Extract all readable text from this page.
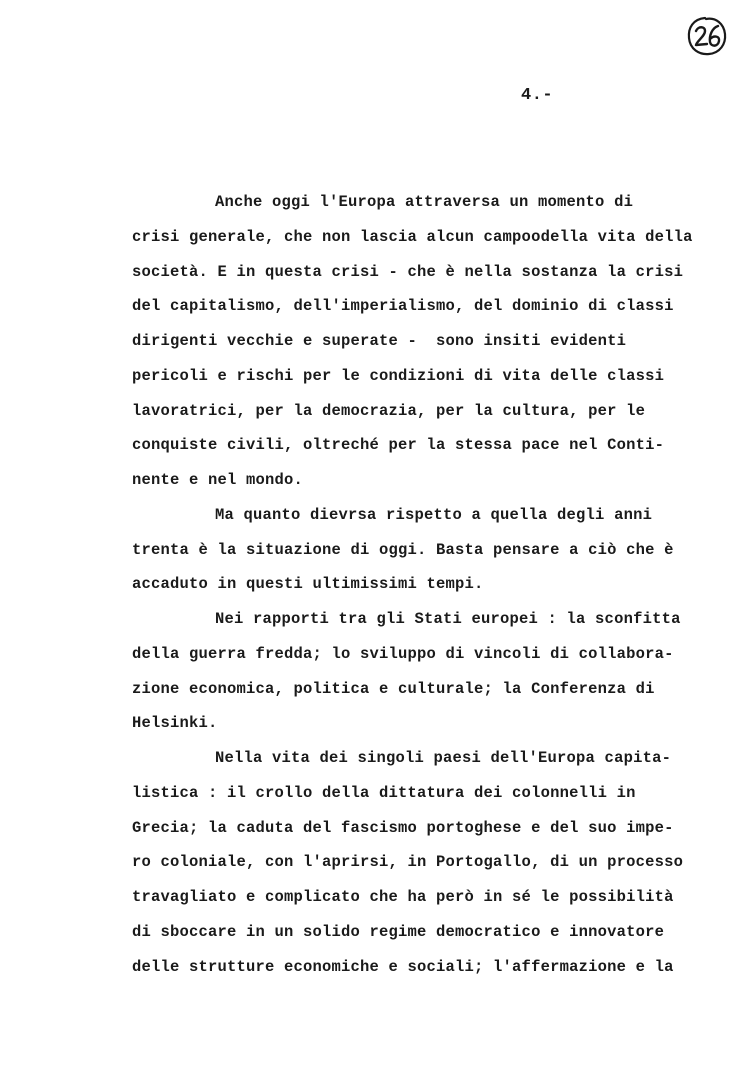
4.-
Anche oggi l'Europa attraversa un momento di
crisi generale, che non lascia alcun campoodella vita della
società. E in questa crisi - che è nella sostanza la crisi
del capitalismo, dell'imperialismo, del dominio di classi
dirigenti vecchie e superate -  sono insiti evidenti
pericoli e rischi per le condizioni di vita delle classi
lavoratrici, per la democrazia, per la cultura, per le
conquiste civili, oltreché per la stessa pace nel Conti-
nente e nel mondo.
Ma quanto dievrsa rispetto a quella degli anni
trenta è la situazione di oggi. Basta pensare a ciò che è
accaduto in questi ultimissimi tempi.
Nei rapporti tra gli Stati europei : la sconfitta
della guerra fredda; lo sviluppo di vincoli di collabora-
zione economica, politica e culturale; la Conferenza di
Helsinki.
Nella vita dei singoli paesi dell'Europa capita-
listica : il crollo della dittatura dei colonnelli in
Grecia; la caduta del fascismo portoghese e del suo impe-
ro coloniale, con l'aprirsi, in Portogallo, di un processo
travagliato e complicato che ha però in sé le possibilità
di sboccare in un solido regime democratico e innovatore
delle strutture economiche e sociali; l'affermazione e la
